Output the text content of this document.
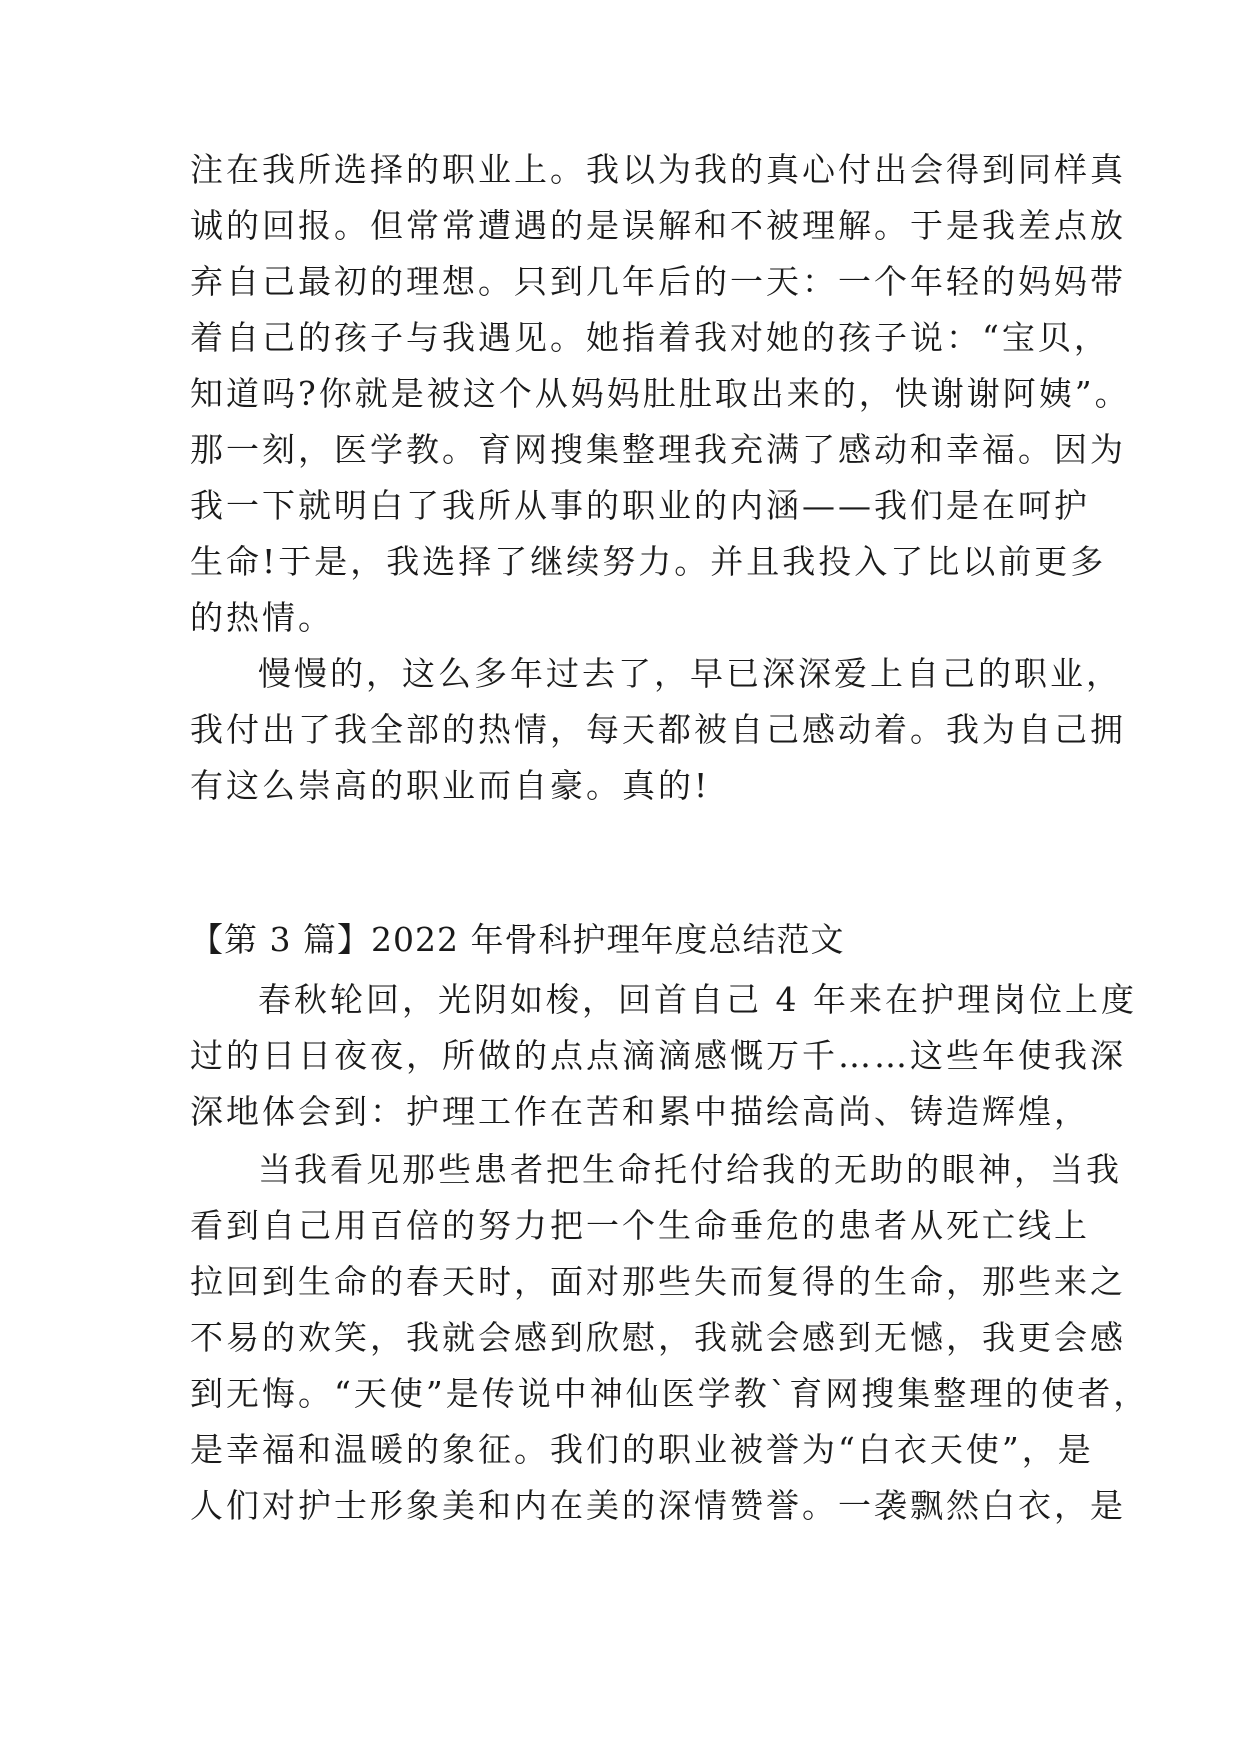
注在我所选择的职业上。我以为我的真心付出会得到同样真

诚的回报。但常常遭遇的是误解和不被理解。于是我差点放

弃自己最初的理想。只到几年后的一天：一个年轻的妈妈带

着自己的孩子与我遇见。她指着我对她的孩子说：“宝贝，

知道吗?你就是被这个从妈妈肚肚取出来的，快谢谢阿姨”。

那一刻，医学教。育网搜集整理我充满了感动和幸福。因为

我一下就明白了我所从事的职业的内涵——我们是在呵护

生命!于是，我选择了继续努力。并且我投入了比以前更多

的热情。

慢慢的，这么多年过去了，早已深深爱上自己的职业，

我付出了我全部的热情，每天都被自己感动着。我为自己拥

有这么崇高的职业而自豪。真的!

【第 3 篇】2022 年骨科护理年度总结范文

春秋轮回，光阴如梭，回首自己 4 年来在护理岗位上度

过的日日夜夜，所做的点点滴滴感慨万千……这些年使我深

深地体会到：护理工作在苦和累中描绘高尚、铸造辉煌，

当我看见那些患者把生命托付给我的无助的眼神，当我

看到自己用百倍的努力把一个生命垂危的患者从死亡线上

拉回到生命的春天时，面对那些失而复得的生命，那些来之

不易的欢笑，我就会感到欣慰，我就会感到无憾，我更会感

到无悔。“天使”是传说中神仙医学教`育网搜集整理的使者，

是幸福和温暖的象征。我们的职业被誉为“白衣天使”，是

人们对护士形象美和内在美的深情赞誉。一袭飘然白衣，是
